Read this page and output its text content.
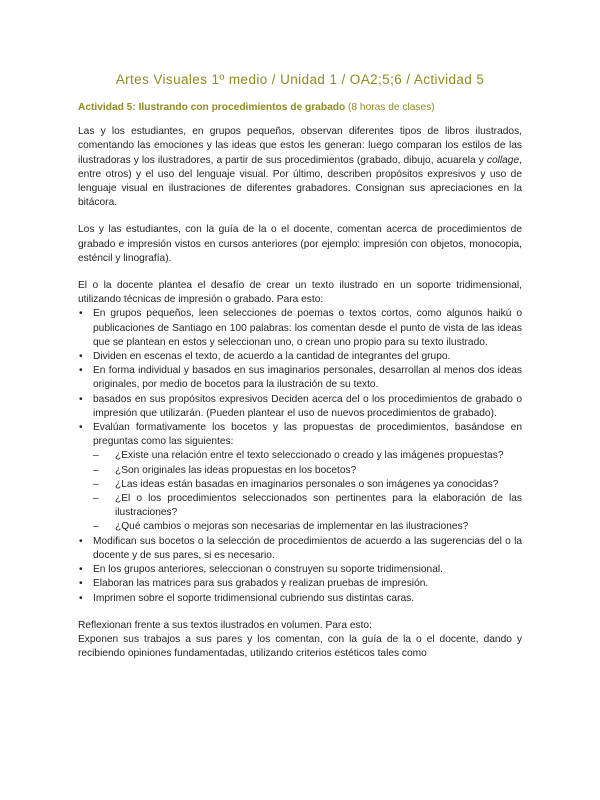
Artes Visuales 1º medio / Unidad 1 / OA2;5;6 / Actividad 5
Actividad 5: Ilustrando con procedimientos de grabado (8 horas de clases)

Las y los estudiantes, en grupos pequeños, observan diferentes tipos de libros ilustrados, comentando las emociones y las ideas que estos les generan: luego comparan los estilos de las ilustradoras y los ilustradores, a partir de sus procedimientos (grabado, dibujo, acuarela y collage, entre otros) y el uso del lenguaje visual. Por último, describen propósitos expresivos y uso de lenguaje visual en ilustraciones de diferentes grabadores. Consignan sus apreciaciones en la bitácora.

Los y las estudiantes, con la guía de la o el docente, comentan acerca de procedimientos de grabado e impresión vistos en cursos anteriores (por ejemplo: impresión con objetos, monocopia, esténcil y linografía).

El o la docente plantea el desafío de crear un texto ilustrado en un soporte tridimensional, utilizando técnicas de impresión o grabado. Para esto:

• En grupos pequeños, leen selecciones de poemas o textos cortos, como algunos haikú o publicaciones de Santiago en 100 palabras: los comentan desde el punto de vista de las ideas que se plantean en estos y seleccionan uno, o crean uno propio para su texto ilustrado.
• Dividen en escenas el texto, de acuerdo a la cantidad de integrantes del grupo.
• En forma individual y basados en sus imaginarios personales, desarrollan al menos dos ideas originales, por medio de bocetos para la ilustración de su texto.
• basados en sus propósitos expresivos Deciden acerca del o los procedimientos de grabado o impresión que utilizarán. (Pueden plantear el uso de nuevos procedimientos de grabado).
• Evalúan formativamente los bocetos y las propuestas de procedimientos, basándose en preguntas como las siguientes:
– ¿Existe una relación entre el texto seleccionado o creado y las imágenes propuestas?
– ¿Son originales las ideas propuestas en los bocetos?
– ¿Las ideas están basadas en imaginarios personales o son imágenes ya conocidas?
– ¿El o los procedimientos seleccionados son pertinentes para la elaboración de las ilustraciones?
– ¿Qué cambios o mejoras son necesarias de implementar en las ilustraciones?
• Modifican sus bocetos o la selección de procedimientos de acuerdo a las sugerencias del o la docente y de sus pares, si es necesario.
• En los grupos anteriores, seleccionan o construyen su soporte tridimensional.
• Elaboran las matrices para sus grabados y realizan pruebas de impresión.
• Imprimen sobre el soporte tridimensional cubriendo sus distintas caras.

Reflexionan frente a sus textos ilustrados en volumen. Para esto:

Exponen sus trabajos a sus pares y los comentan, con la guía de la o el docente, dando y recibiendo opiniones fundamentadas, utilizando criterios estéticos tales como
